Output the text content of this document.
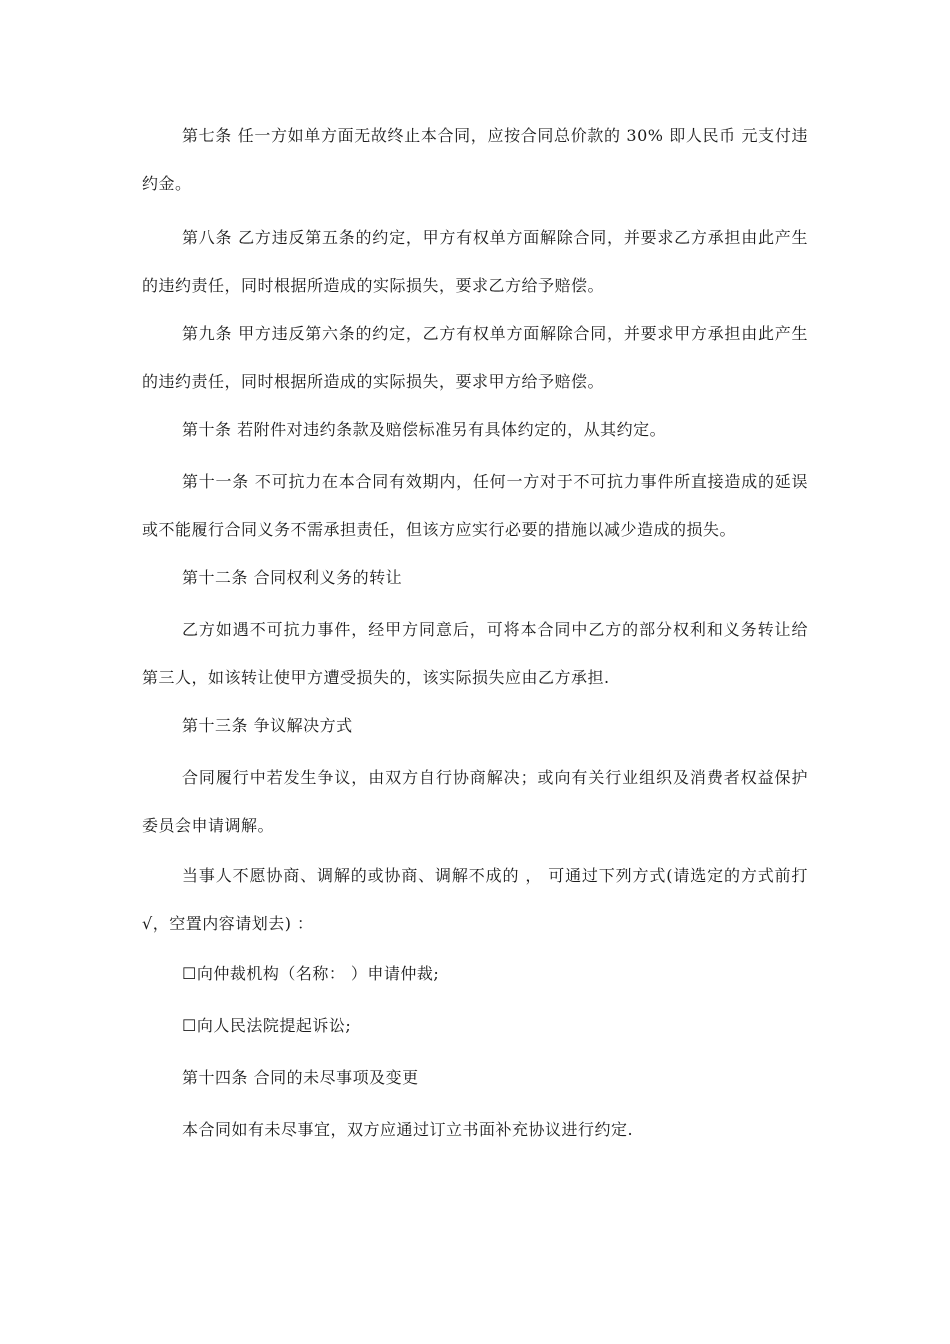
第七条 任一方如单方面无故终止本合同，应按合同总价款的 30% 即人民币 元支付违约金。

第八条 乙方违反第五条的约定，甲方有权单方面解除合同，并要求乙方承担由此产生的违约责任，同时根据所造成的实际损失，要求乙方给予赔偿。

第九条 甲方违反第六条的约定，乙方有权单方面解除合同，并要求甲方承担由此产生的违约责任，同时根据所造成的实际损失，要求甲方给予赔偿。

第十条 若附件对违约条款及赔偿标准另有具体约定的，从其约定。

第十一条 不可抗力在本合同有效期内，任何一方对于不可抗力事件所直接造成的延误或不能履行合同义务不需承担责任，但该方应实行必要的措施以减少造成的损失。

第十二条 合同权利义务的转让

乙方如遇不可抗力事件，经甲方同意后，可将本合同中乙方的部分权利和义务转让给第三人，如该转让使甲方遭受损失的，该实际损失应由乙方承担.

第十三条 争议解决方式

合同履行中若发生争议，由双方自行协商解决；或向有关行业组织及消费者权益保护委员会申请调解。

当事人不愿协商、调解的或协商、调解不成的 ， 可通过下列方式(请选定的方式前打 √，空置内容请划去) ：

☐向仲裁机构（名称： ）申请仲裁;

☐向人民法院提起诉讼;

第十四条 合同的未尽事项及变更

本合同如有未尽事宜，双方应通过订立书面补充协议进行约定.
